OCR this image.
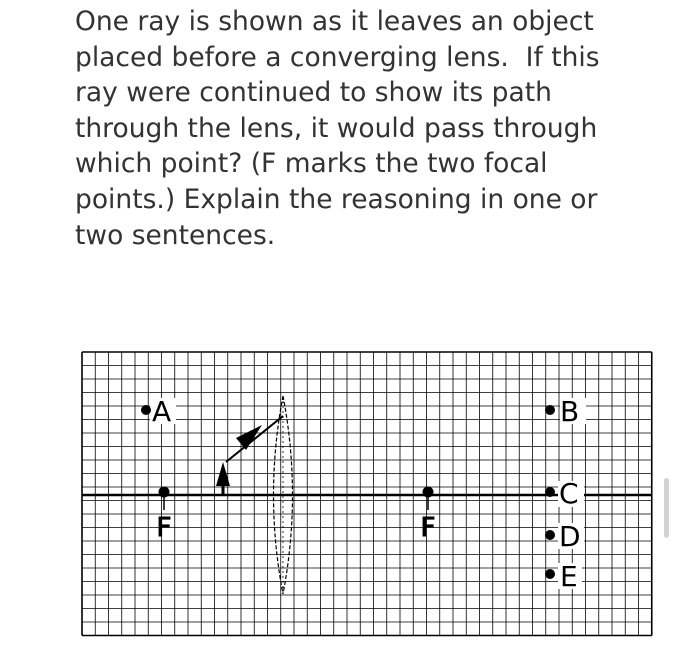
One ray is shown as it leaves an object
placed before a converging lens.  If this
ray were continued to show its path
through the lens, it would pass through
which point? (F marks the two focal
points.) Explain the reasoning in one or
two sentences.

F	F
A	B
C
D
E
